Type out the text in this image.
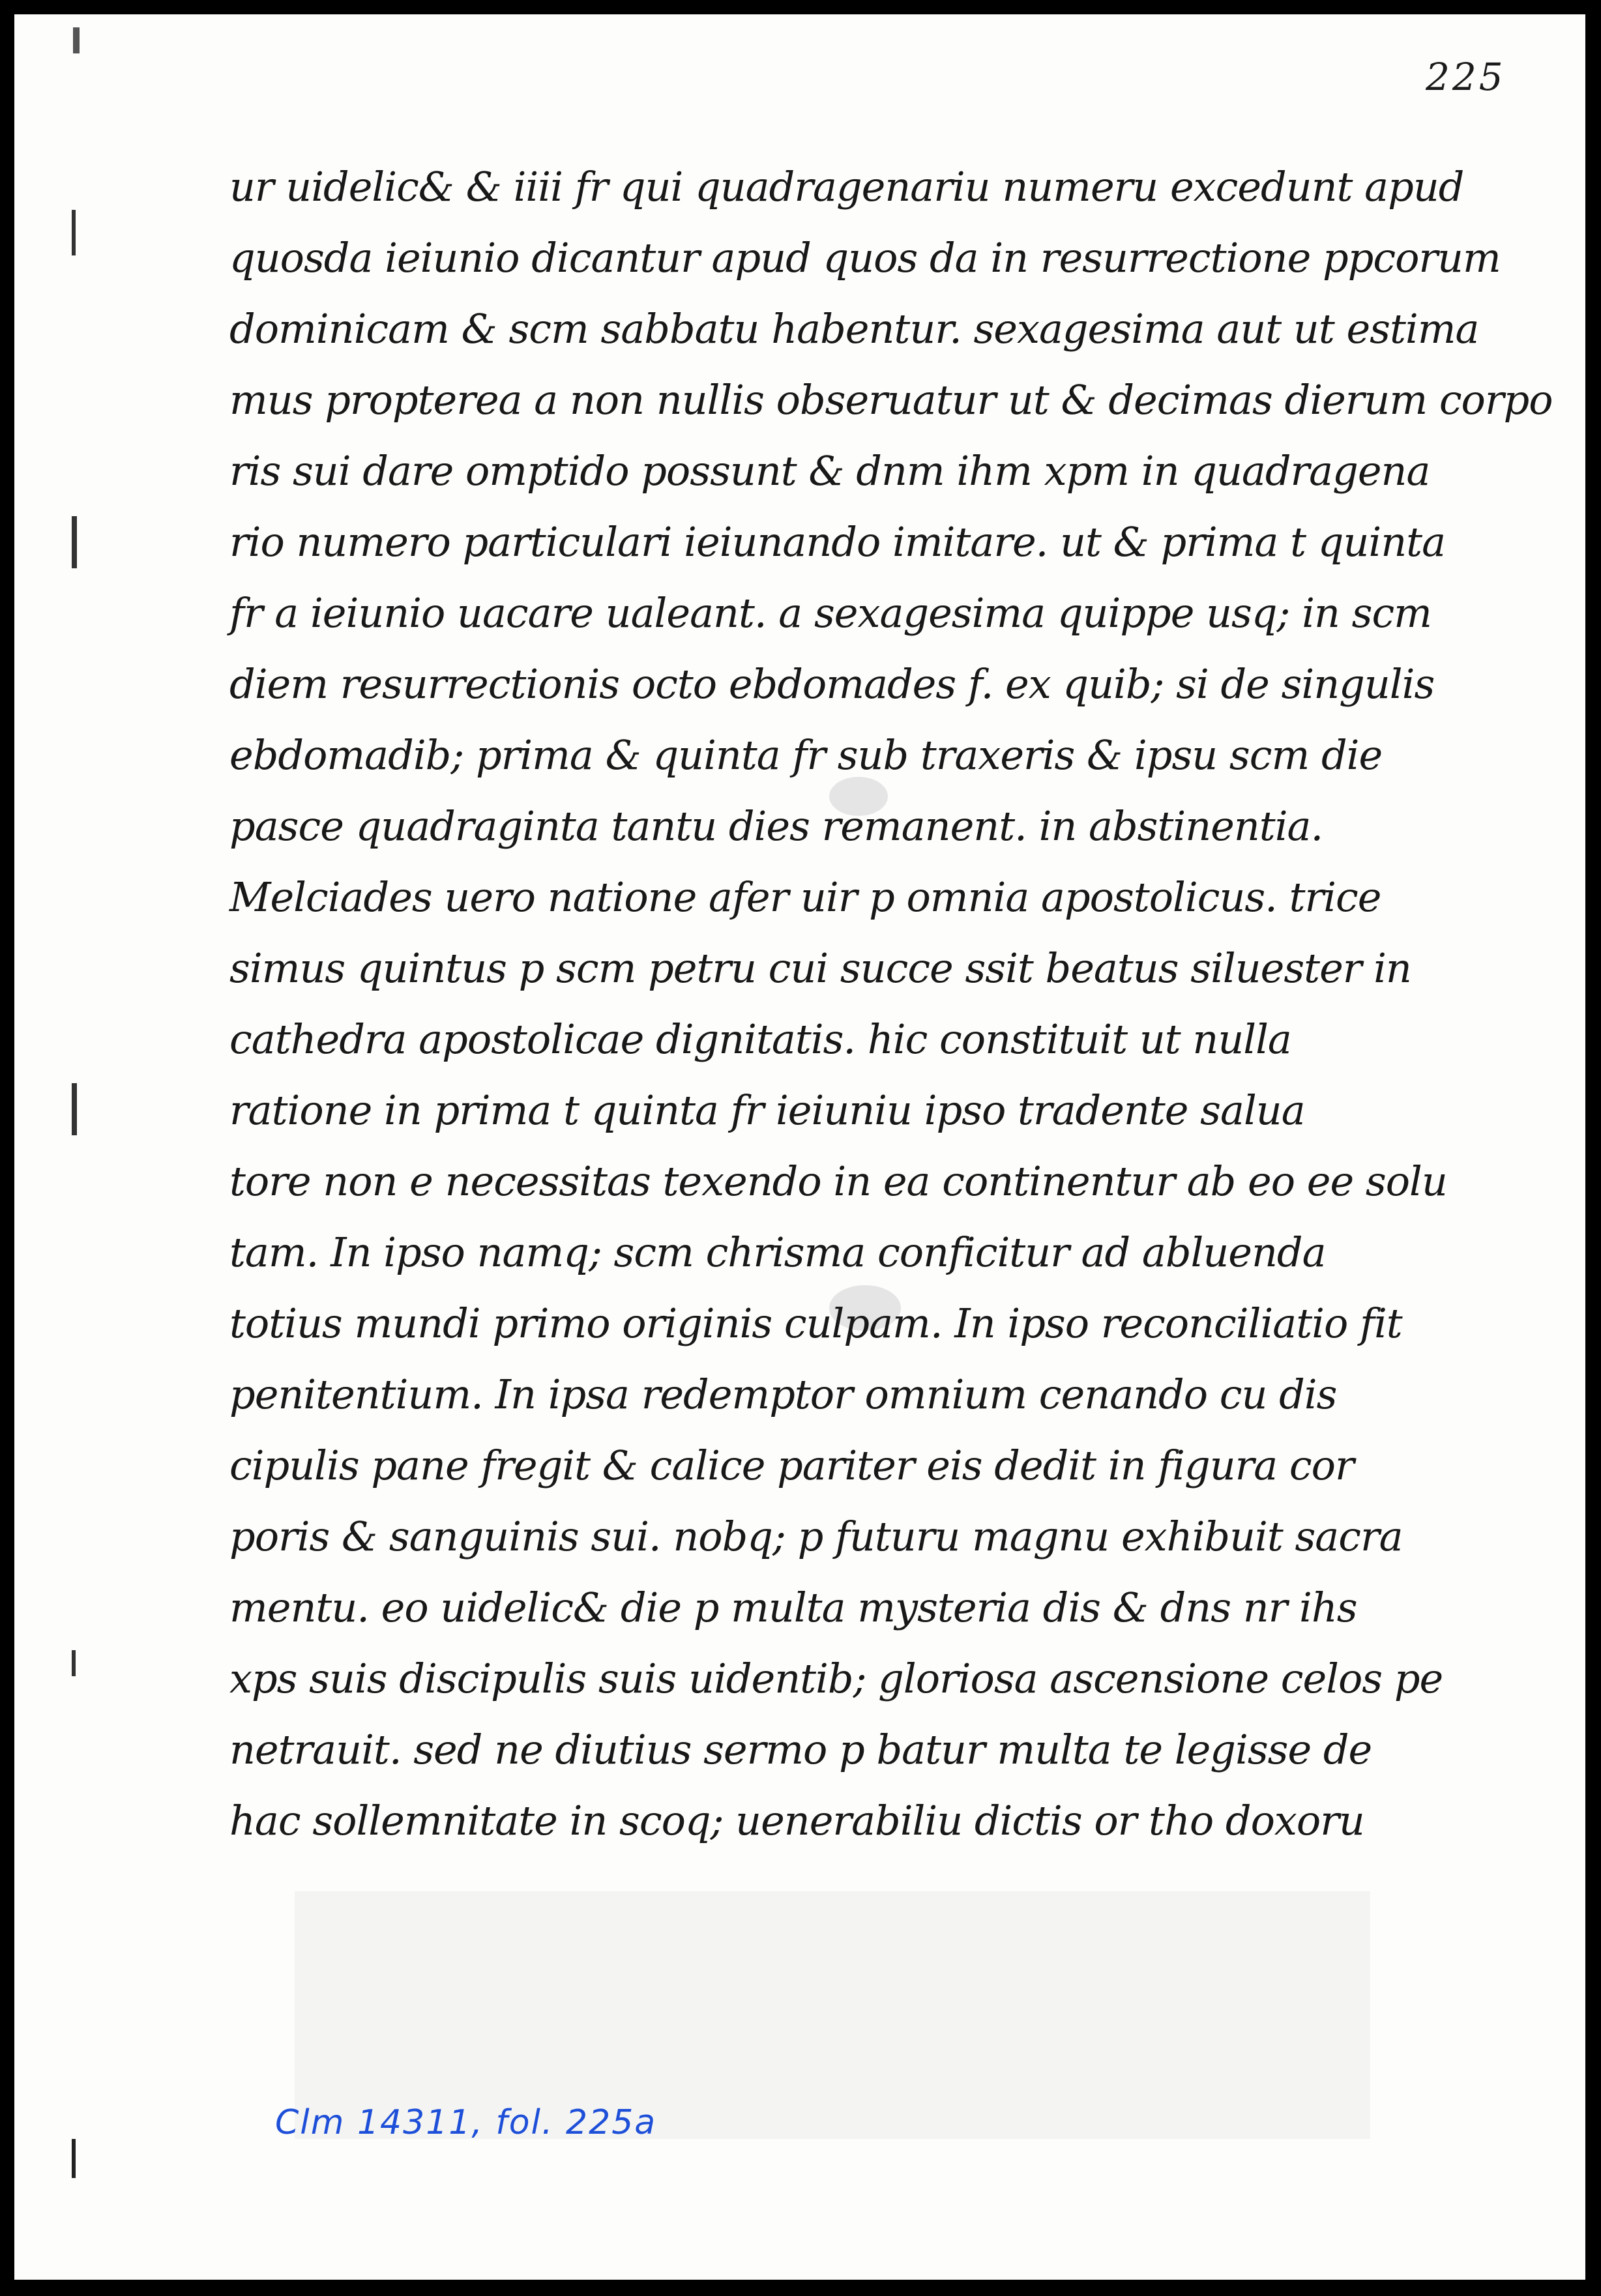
225
ur uidelic& & iiii fr qui quadragenariu numeru excedunt apud
quosda ieiunio dicantur apud quos da in resurrectione ppcorum
dominicam & scm sabbatu habentur. sexagesima aut ut estima
mus propterea a non nullis obseruatur ut & decimas dierum corpo
ris sui dare omptido possunt & dnm ihm xpm in quadragena
rio numero particulari ieiunando imitare. ut & prima t quinta
fr a ieiunio uacare ualeant. a sexagesima quippe usq; in scm
diem resurrectionis octo ebdomades f. ex quib; si de singulis
ebdomadib; prima & quinta fr sub traxeris & ipsu scm die
pasce quadraginta tantu dies remanent. in abstinentia.
Melciades uero natione afer uir p omnia apostolicus. trice
simus quintus p scm petru cui succe ssit beatus siluester in
cathedra apostolicae dignitatis. hic constituit ut nulla
ratione in prima t quinta fr ieiuniu ipso tradente salua
tore non e necessitas texendo in ea continentur ab eo ee solu
tam. In ipso namq; scm chrisma conficitur ad abluenda
totius mundi primo originis culpam. In ipso reconciliatio fit
penitentium. In ipsa redemptor omnium cenando cu dis
cipulis pane fregit & calice pariter eis dedit in figura cor
poris & sanguinis sui. nobq; p futuru magnu exhibuit sacra
mentu. eo uidelic& die p multa mysteria dis & dns nr ihs
xps suis discipulis suis uidentib; gloriosa ascensione celos pe
netrauit. sed ne diutius sermo p batur multa te legisse de
hac sollemnitate in scoq; uenerabiliu dictis or tho doxoru
Clm 14311, fol. 225a
